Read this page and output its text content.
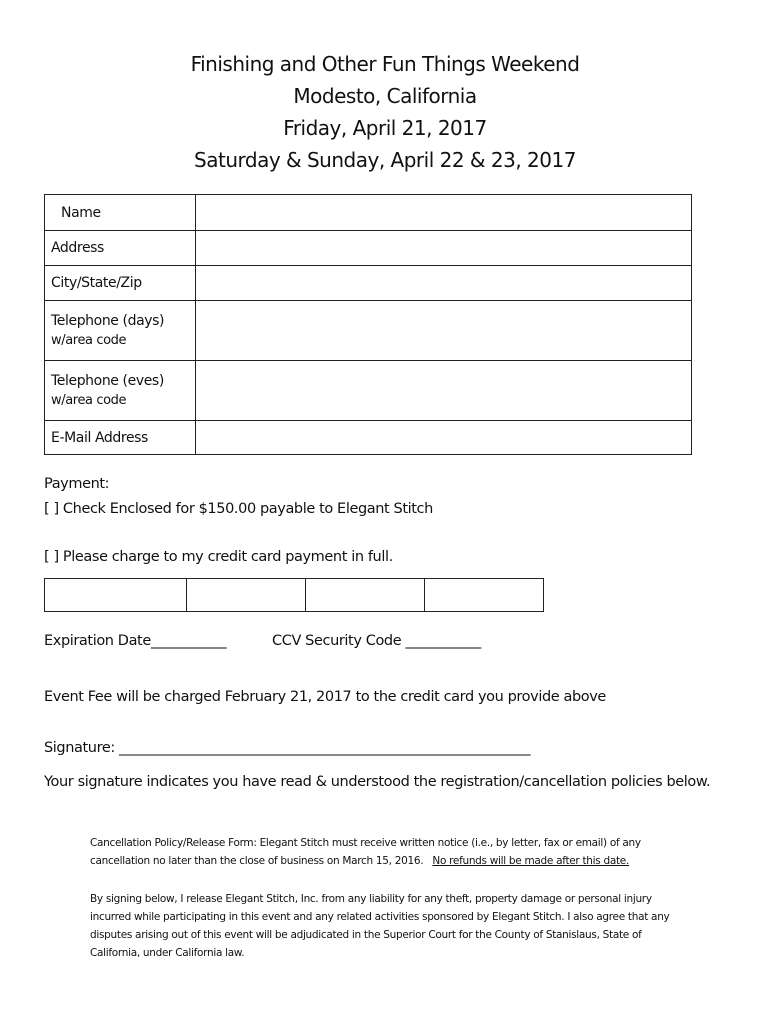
Finishing and Other Fun Things Weekend
Modesto, California
Friday, April 21, 2017
Saturday & Sunday, April 22 & 23, 2017
Name	
Address	
City/State/Zip	
Telephone (days)
w/area code	

Telephone (eves)
w/area code	

E-Mail Address	
Payment:
[ ] Check Enclosed for $150.00 payable to Elegant Stitch
[ ] Please charge to my credit card payment in full.
Expiration Date___________	CCV Security Code ___________
Event Fee will be charged February 21, 2017 to the credit card you provide above
Signature: ____________________________________________________________
Your signature indicates you have read & understood the registration/cancellation policies below.
Cancellation Policy/Release Form: Elegant Stitch must receive written notice (i.e., by letter, fax or email) of any cancellation no later than the close of business on March 15, 2016. No refunds will be made after this date.
By signing below, I release Elegant Stitch, Inc. from any liability for any theft, property damage or personal injury incurred while participating in this event and any related activities sponsored by Elegant Stitch. I also agree that any disputes arising out of this event will be adjudicated in the Superior Court for the County of Stanislaus, State of California, under California law.
